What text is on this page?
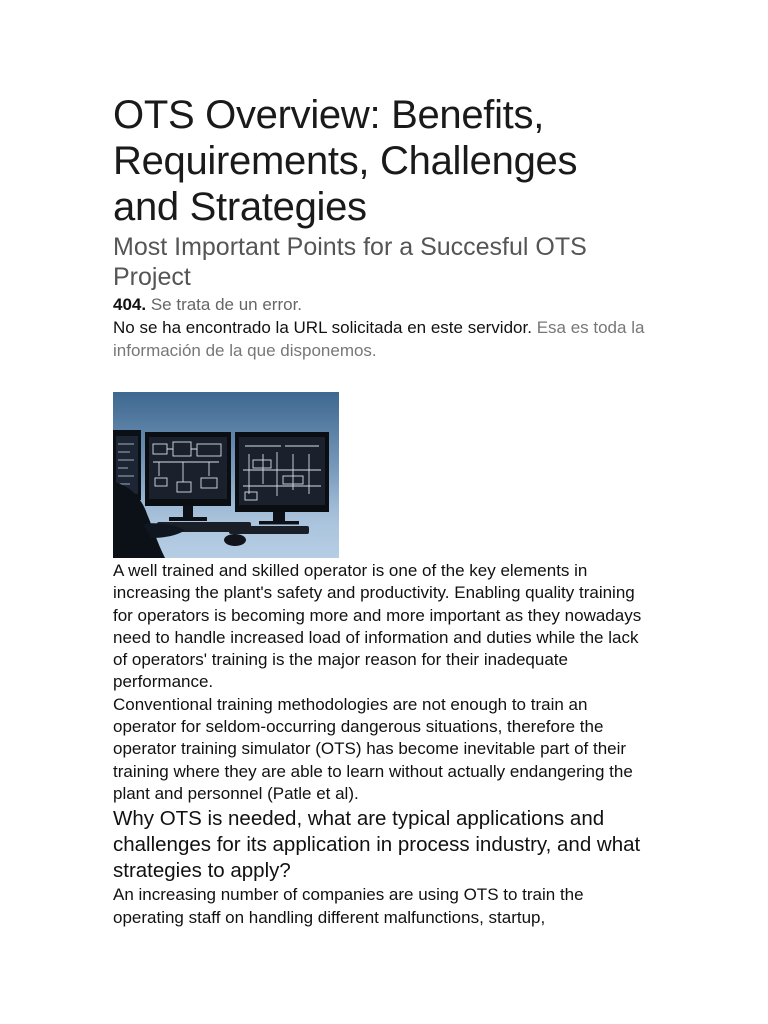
OTS Overview: Benefits, Requirements, Challenges and Strategies
Most Important Points for a Succesful OTS Project

404. Se trata de un error.

No se ha encontrado la URL solicitada en este servidor. Esa es toda la información de la que disponemos.

A well trained and skilled operator is one of the key elements in increasing the plant's safety and productivity. Enabling quality training for operators is becoming more and more important as they nowadays need to handle increased load of information and duties while the lack of operators' training is the major reason for their inadequate performance.

Conventional training methodologies are not enough to train an operator for seldom-occurring dangerous situations, therefore the operator training simulator (OTS) has become inevitable part of their training where they are able to learn without actually endangering the plant and personnel (Patle et al).

Why OTS is needed, what are typical applications and challenges for its application in process industry, and what strategies to apply?

An increasing number of companies are using OTS to train the operating staff on handling different malfunctions, startup,
